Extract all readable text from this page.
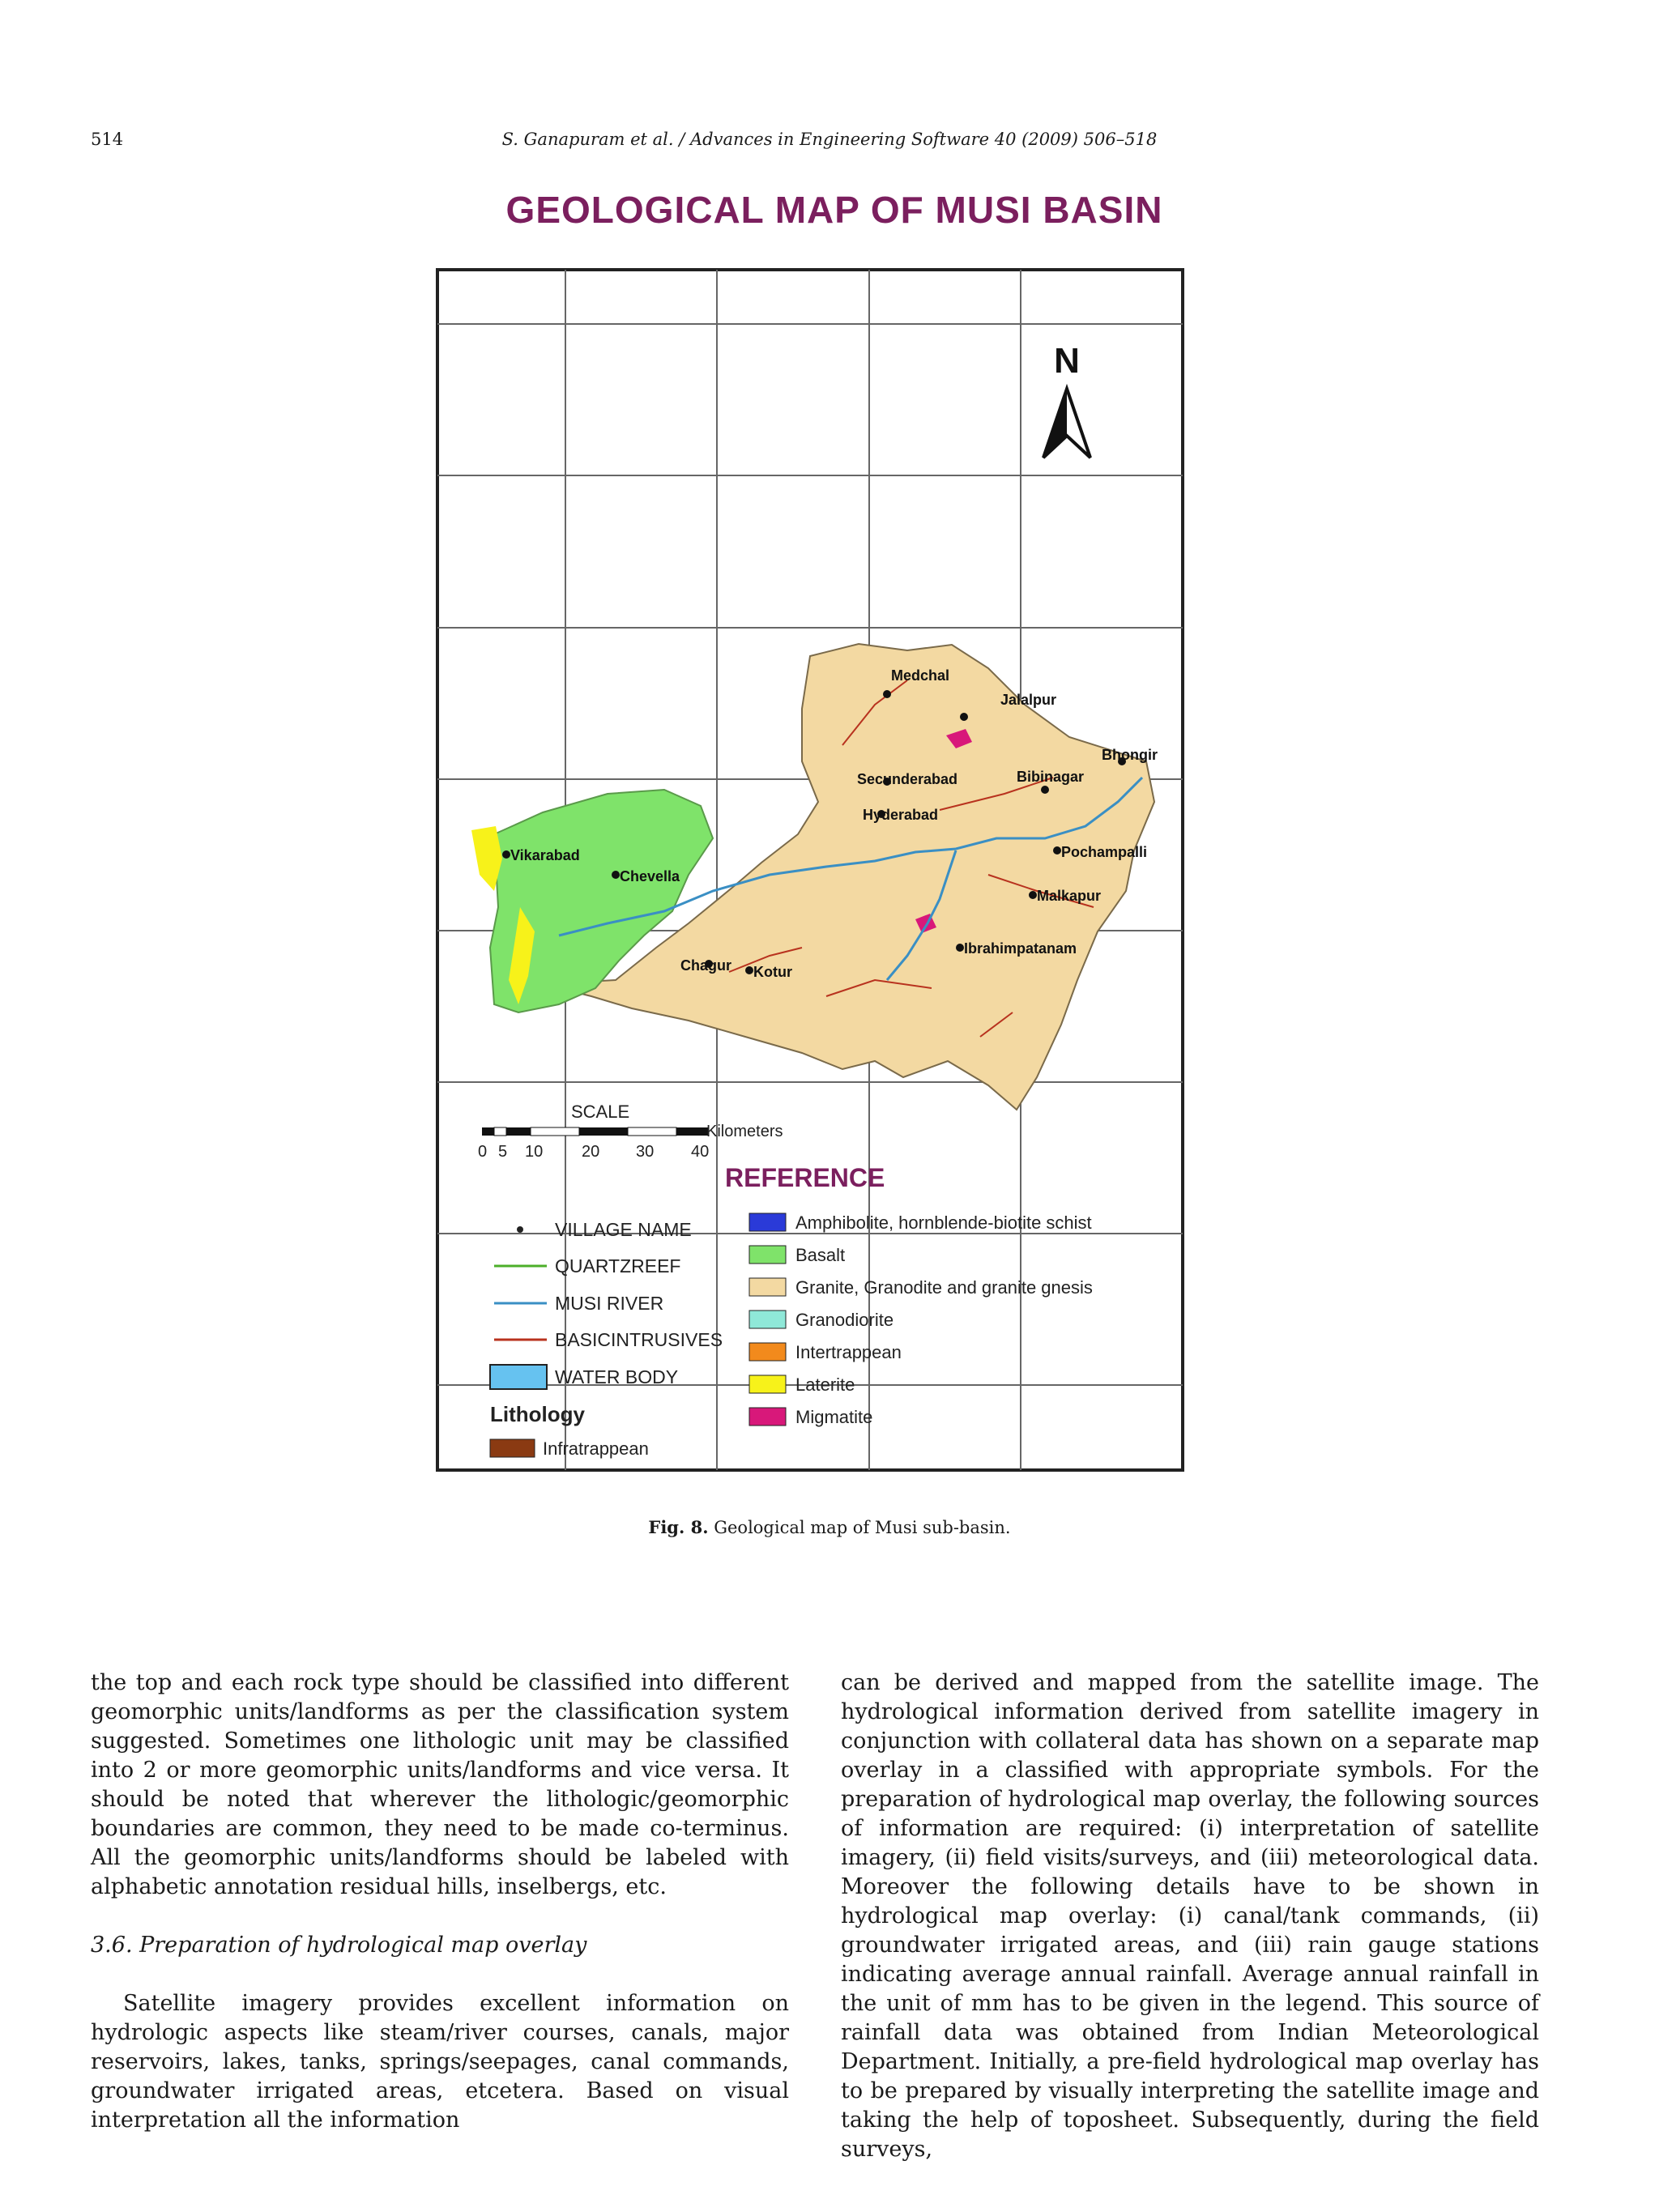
514	S. Ganapuram et al. / Advances in Engineering Software 40 (2009) 506–518
GEOLOGICAL MAP OF MUSI BASIN
N
Medchal
Jalalpur
Bhongir
Bibinagar
Secunderabad
Hyderabad
Pochampalli
Vikarabad
Chevella
Malkapur
Ibrahimpatanam
Chagur Kotur
SCALE
Kilometers
0 5 10 20 30 40
REFERENCE
VILLAGE NAME
QUARTZREEF
MUSI RIVER
BASICINTRUSIVES
WATER BODY
Lithology
Infratrappean
Amphibolite, hornblende-biotite schist
Basalt
Granite, Granodite and granite gnesis
Granodiorite
Intertrappean
Laterite
Migmatite
Fig. 8. Geological map of Musi sub-basin.

the top and each rock type should be classified into different geomorphic units/landforms as per the classification system suggested. Sometimes one lithologic unit may be classified into 2 or more geomorphic units/landforms and vice versa. It should be noted that wherever the lithologic/geomorphic boundaries are common, they need to be made co-terminus. All the geomorphic units/landforms should be labeled with alphabetic annotation residual hills, inselbergs, etc.

3.6. Preparation of hydrological map overlay

Satellite imagery provides excellent information on hydrologic aspects like steam/river courses, canals, major reservoirs, lakes, tanks, springs/seepages, canal commands, groundwater irrigated areas, etcetera. Based on visual interpretation all the information

can be derived and mapped from the satellite image. The hydrological information derived from satellite imagery in conjunction with collateral data has shown on a separate map overlay in a classified with appropriate symbols. For the preparation of hydrological map overlay, the following sources of information are required: (i) interpretation of satellite imagery, (ii) field visits/surveys, and (iii) meteorological data. Moreover the following details have to be shown in hydrological map overlay: (i) canal/tank commands, (ii) groundwater irrigated areas, and (iii) rain gauge stations indicating average annual rainfall. Average annual rainfall in the unit of mm has to be given in the legend. This source of rainfall data was obtained from Indian Meteorological Department. Initially, a pre-field hydrological map overlay has to be prepared by visually interpreting the satellite image and taking the help of toposheet. Subsequently, during the field surveys,
